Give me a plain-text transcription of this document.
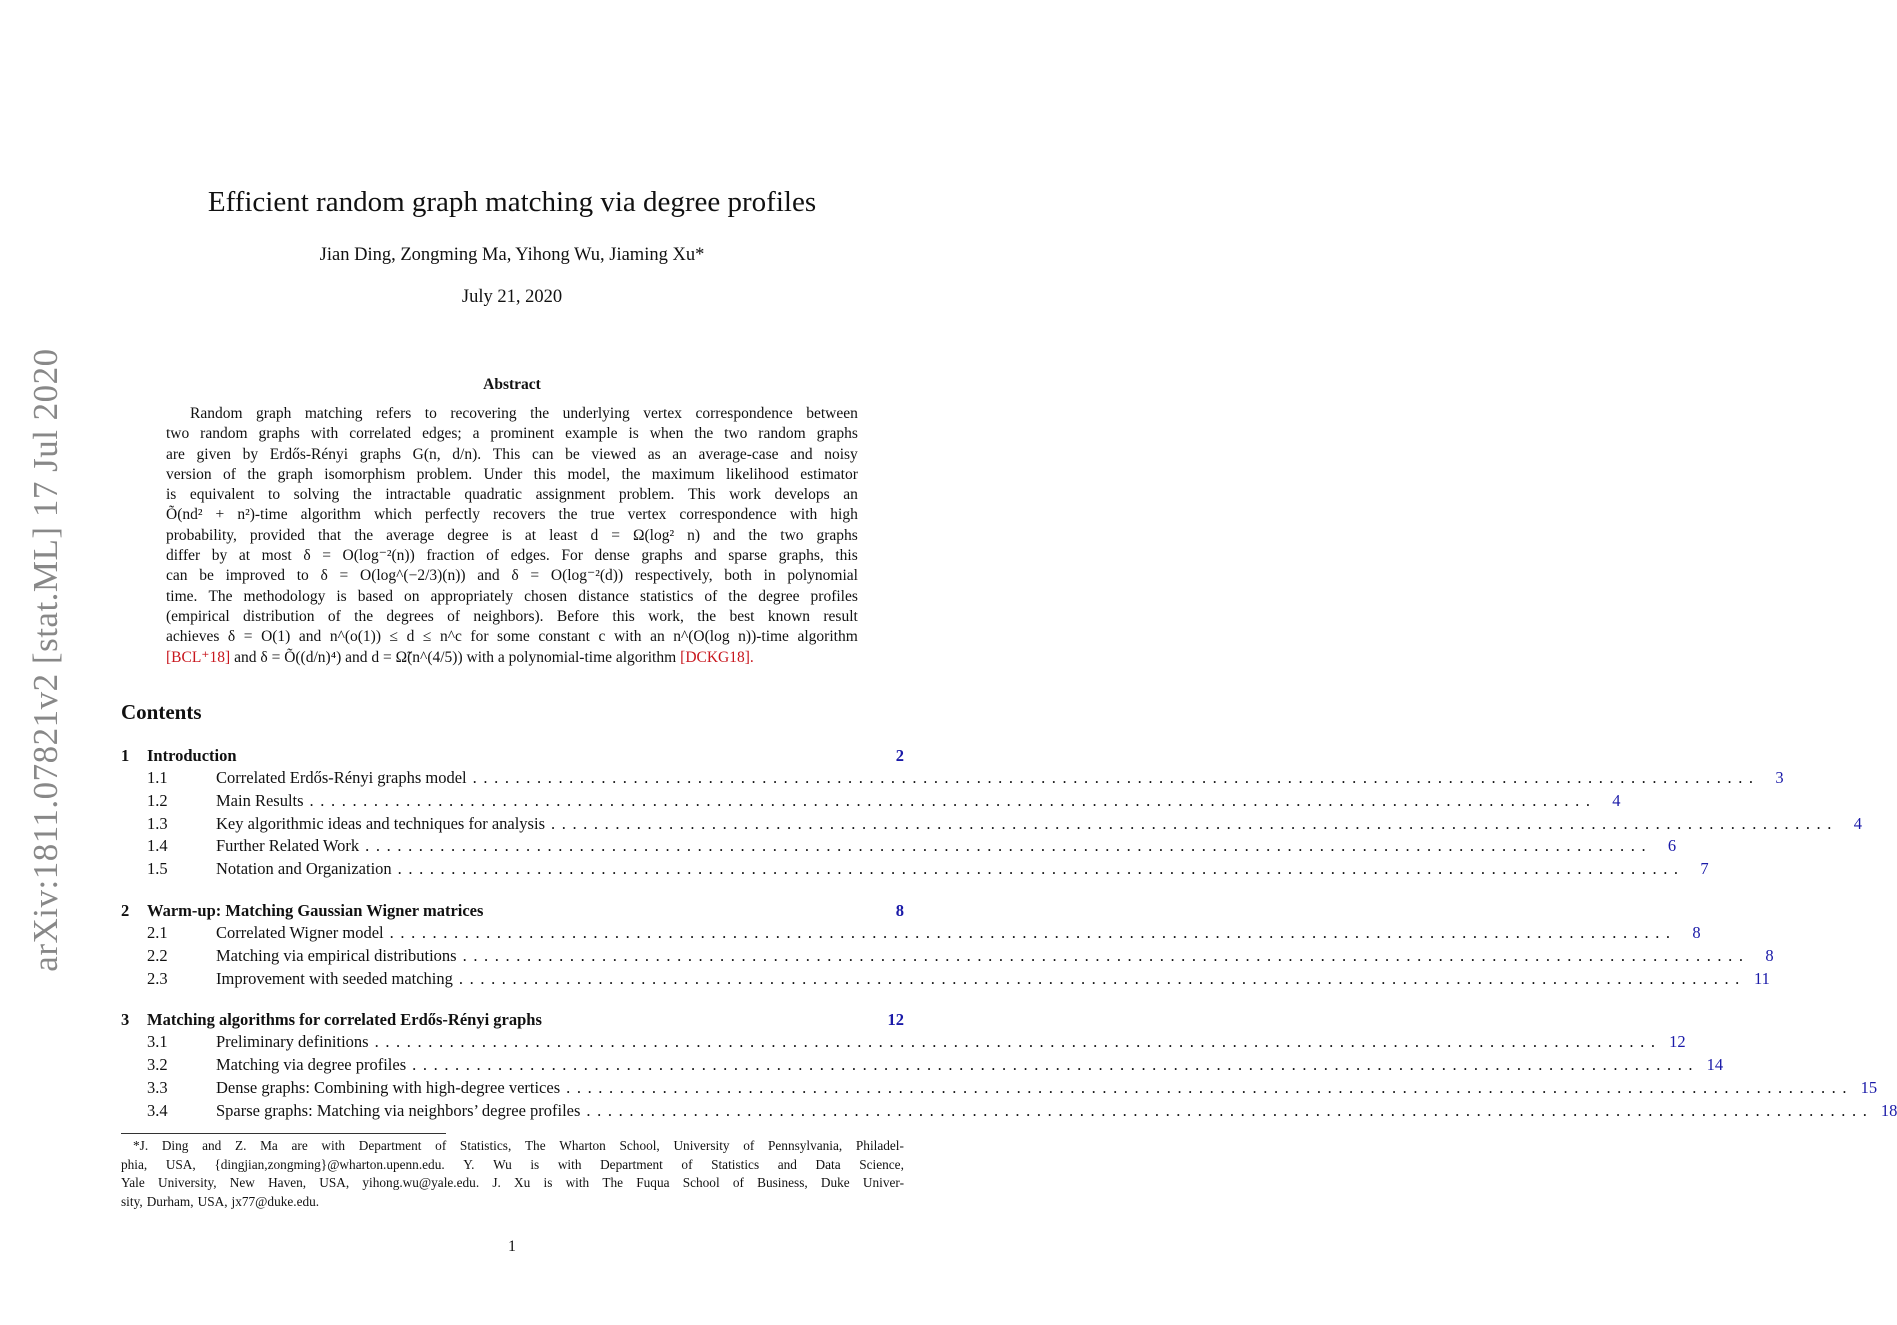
arXiv:1811.07821v2 [stat.ML] 17 Jul 2020
Efficient random graph matching via degree profiles
Jian Ding, Zongming Ma, Yihong Wu, Jiaming Xu*
July 21, 2020
Abstract
Random graph matching refers to recovering the underlying vertex correspondence between
two random graphs with correlated edges; a prominent example is when the two random graphs
are given by Erdős-Rényi graphs G(n, d/n). This can be viewed as an average-case and noisy
version of the graph isomorphism problem. Under this model, the maximum likelihood estimator
is equivalent to solving the intractable quadratic assignment problem. This work develops an
Õ(nd² + n²)-time algorithm which perfectly recovers the true vertex correspondence with high
probability, provided that the average degree is at least d = Ω(log² n) and the two graphs
differ by at most δ = O(log⁻²(n)) fraction of edges. For dense graphs and sparse graphs, this
can be improved to δ = O(log^(−2/3)(n)) and δ = O(log⁻²(d)) respectively, both in polynomial
time. The methodology is based on appropriately chosen distance statistics of the degree profiles
(empirical distribution of the degrees of neighbors). Before this work, the best known result
achieves δ = O(1) and n^(o(1)) ≤ d ≤ n^c for some constant c with an n^(O(log n))-time algorithm
[BCL⁺18] and δ = Õ((d/n)⁴) and d = Ω̃(n^(4/5)) with a polynomial-time algorithm [DCKG18].
Contents
1 Introduction	2
1.1	Correlated Erdős-Rényi graphs model ........................................................................................................................ 3
1.2	Main Results ........................................................................................................................ 4
1.3	Key algorithmic ideas and techniques for analysis ........................................................................................................................ 4
1.4	Further Related Work ........................................................................................................................ 6
1.5	Notation and Organization ........................................................................................................................ 7
2 Warm-up: Matching Gaussian Wigner matrices	8
2.1	Correlated Wigner model ........................................................................................................................ 8
2.2	Matching via empirical distributions ........................................................................................................................ 8
2.3	Improvement with seeded matching ........................................................................................................................ 11
3 Matching algorithms for correlated Erdős-Rényi graphs	12
3.1	Preliminary definitions ........................................................................................................................ 12
3.2	Matching via degree profiles ........................................................................................................................ 14
3.3	Dense graphs: Combining with high-degree vertices ........................................................................................................................ 15
3.4	Sparse graphs: Matching via neighbors’ degree profiles ........................................................................................................................ 18
*J. Ding and Z. Ma are with Department of Statistics, The Wharton School, University of Pennsylvania, Philadel-
phia, USA, {dingjian,zongming}@wharton.upenn.edu. Y. Wu is with Department of Statistics and Data Science,
Yale University, New Haven, USA, yihong.wu@yale.edu. J. Xu is with The Fuqua School of Business, Duke Univer-
sity, Durham, USA, jx77@duke.edu.
1
